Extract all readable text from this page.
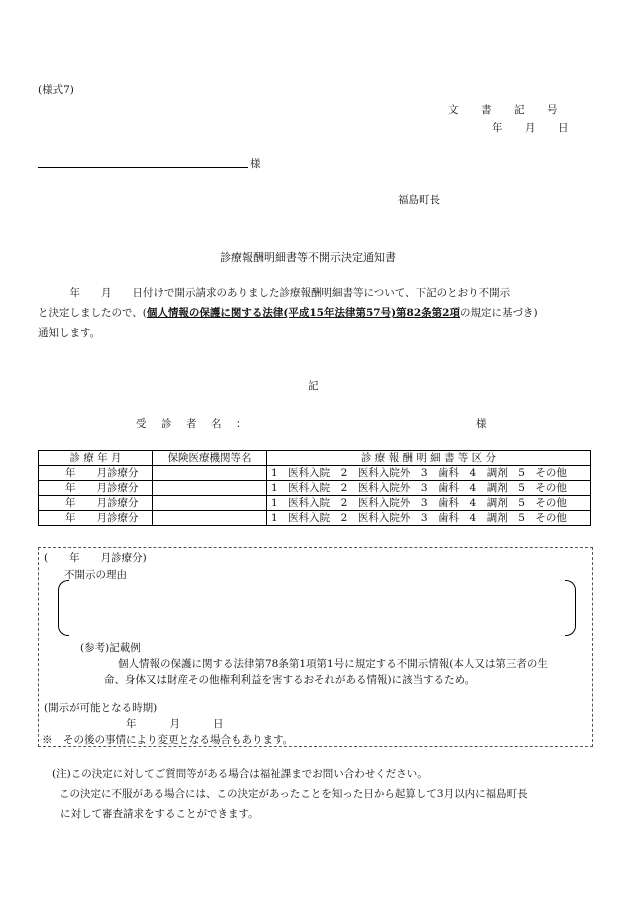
(様式7)
文　書　記　号
年　月　日
様
福島町長
診療報酬明細書等不開示決定通知書
　　　年　　月　　日付けで開示請求のありました診療報酬明細書等について、下記のとおり不開示
と決定しましたので、(個人情報の保護に関する法律(平成15年法律第57号)第82条第2項の規定に基づき)
通知します。
記
受　診　者　名　：	様
診 療 年 月	保険医療機関等名	診 療 報 酬 明 細 書 等 区 分
年　　月診療分		1　医科入院　2　医科入院外　3　歯科　4　調剤　5　その他
年　　月診療分		1　医科入院　2　医科入院外　3　歯科　4　調剤　5　その他
年　　月診療分		1　医科入院　2　医科入院外　3　歯科　4　調剤　5　その他
年　　月診療分		1　医科入院　2　医科入院外　3　歯科　4　調剤　5　その他
(　　年　　月診療分)
不開示の理由
(参考)記載例
個人情報の保護に関する法律第78条第1項第1号に規定する不開示情報(本人又は第三者の生
命、身体又は財産その他権利利益を害するおそれがある情報)に該当するため。
(開示が可能となる時期)
年　　月　　日
※　その後の事情により変更となる場合もあります。
(注)この決定に対してご質問等がある場合は福祉課までお問い合わせください。
　　この決定に不服がある場合には、この決定があったことを知った日から起算して3月以内に福島町長
に対して審査請求をすることができます。
